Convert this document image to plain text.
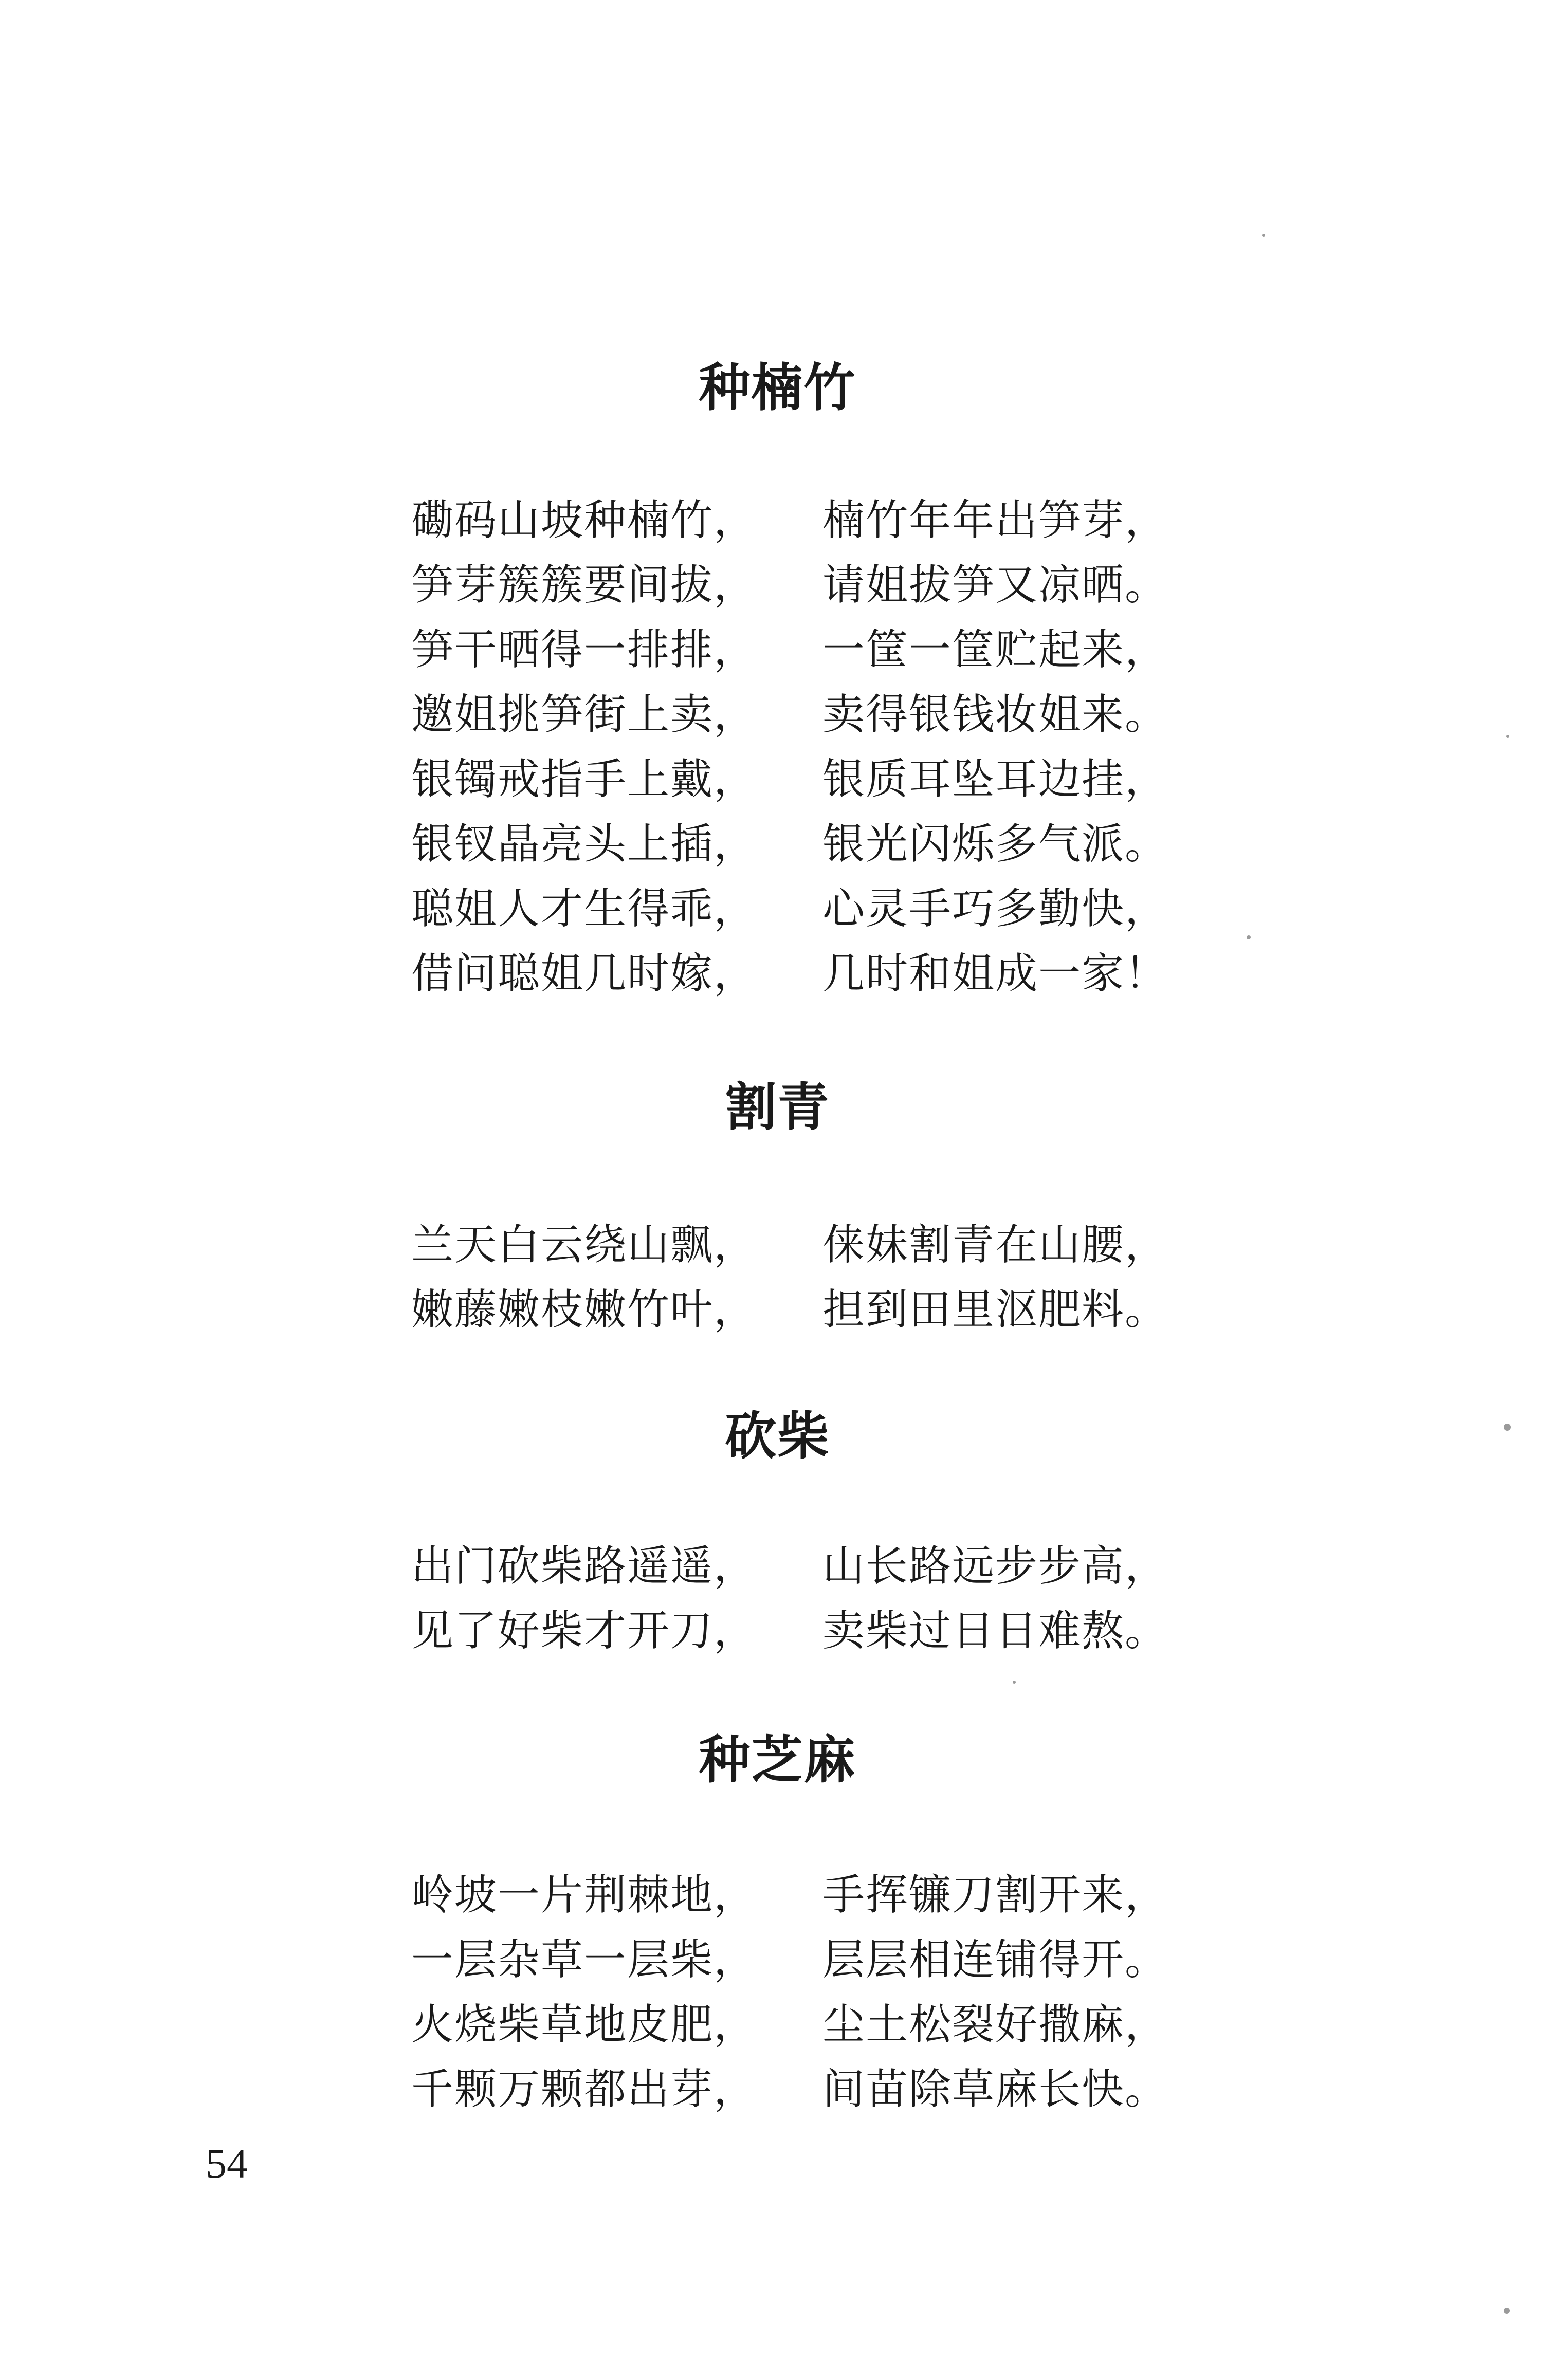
种楠竹
磡码山坡种楠竹， 楠竹年年出笋芽，
笋芽簇簇要间拔， 请姐拔笋又凉晒。
笋干晒得一排排， 一筐一筐贮起来，
邀姐挑笋街上卖， 卖得银钱妆姐来。
银镯戒指手上戴， 银质耳坠耳边挂，
银钗晶亮头上插， 银光闪烁多气派。
聪姐人才生得乖， 心灵手巧多勤快，
借问聪姐几时嫁， 几时和姐成一家！
割青
兰天白云绕山飘， 俫妹割青在山腰，
嫩藤嫩枝嫩竹叶， 担到田里沤肥料。
砍柴
出门砍柴路遥遥， 山长路远步步高，
见了好柴才开刀， 卖柴过日日难熬。
种芝麻
岭坡一片荆棘地， 手挥镰刀割开来，
一层杂草一层柴， 层层相连铺得开。
火烧柴草地皮肥， 尘土松裂好撒麻，
千颗万颗都出芽， 间苗除草麻长快。
54
